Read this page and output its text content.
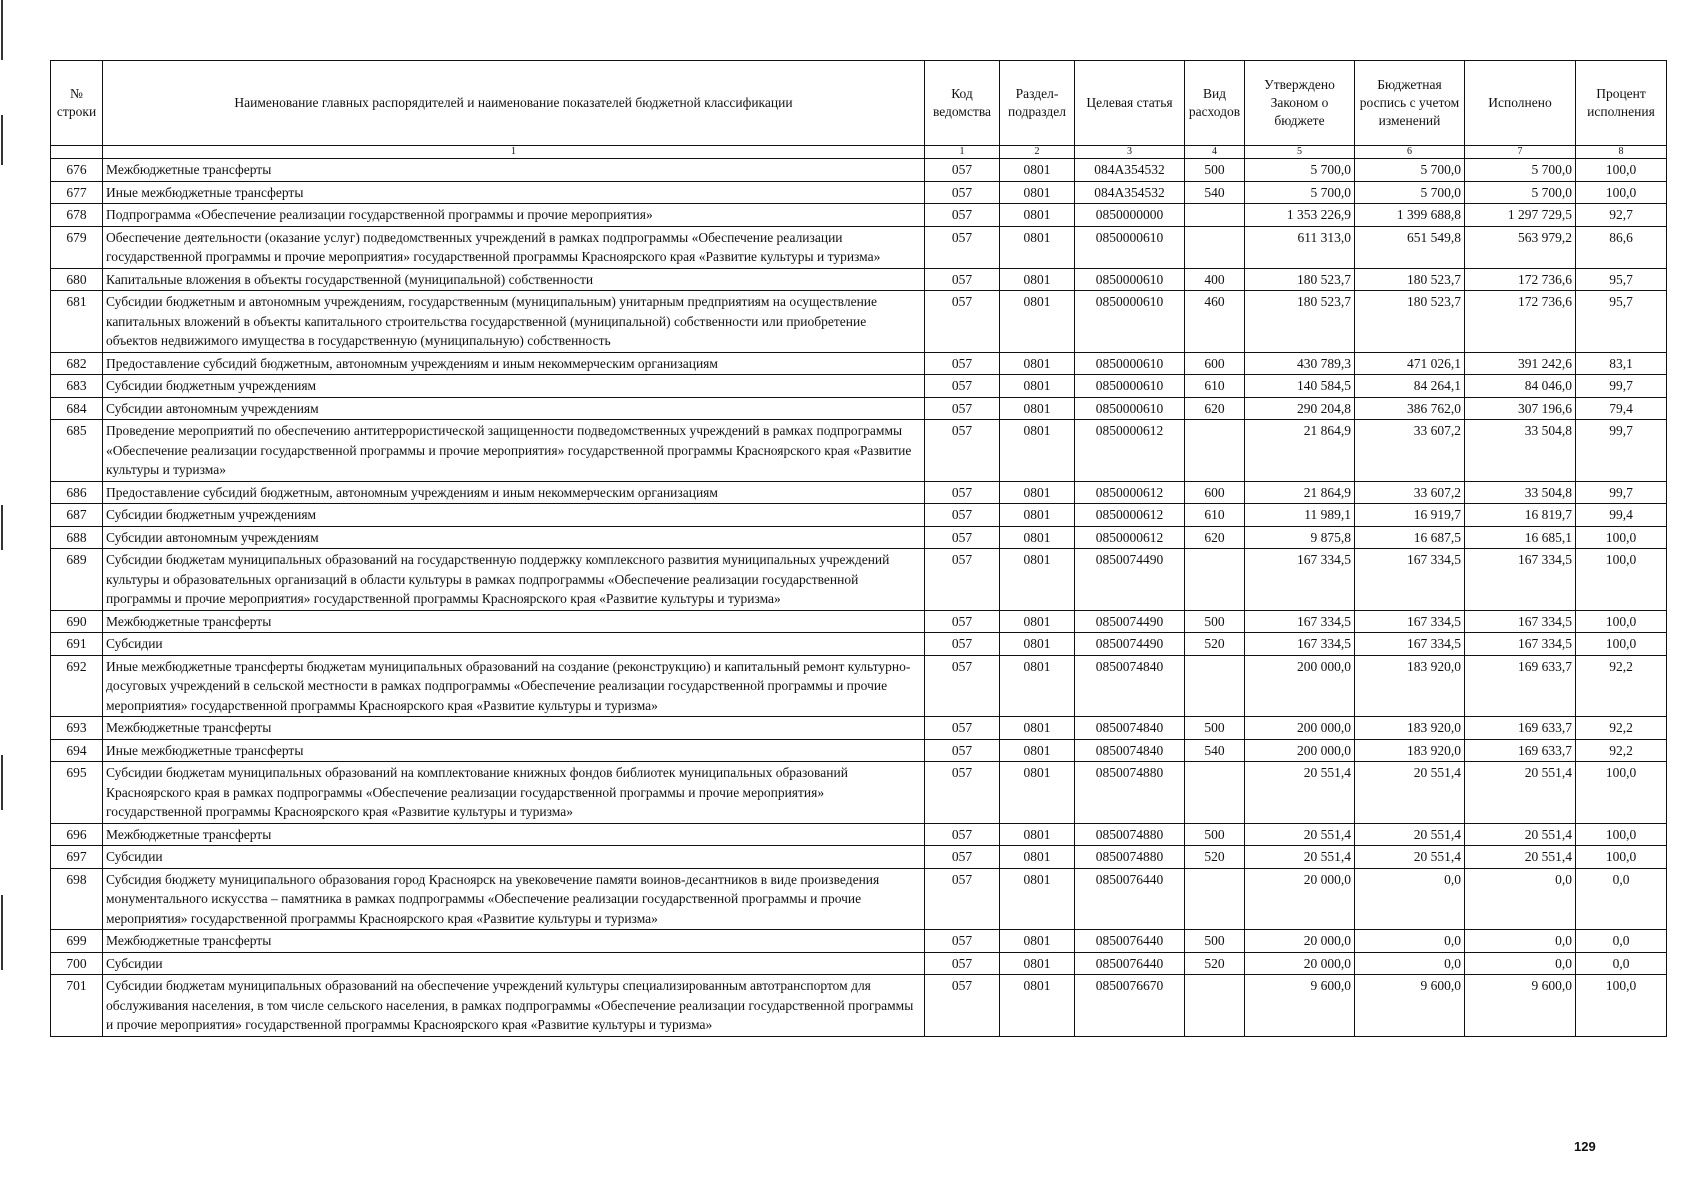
№ строки	Наименование главных распорядителей и наименование показателей бюджетной классификации	Код ведомства	Раздел-подраздел	Целевая статья	Вид расходов	Утверждено Законом о бюджете	Бюджетная роспись с учетом изменений	Исполнено	Процент исполнения
	1	1	2	3	4	5	6	7	8
676	Межбюджетные трансферты	057	0801	084А354532	500	5 700,0	5 700,0	5 700,0	100,0
677	Иные межбюджетные трансферты	057	0801	084А354532	540	5 700,0	5 700,0	5 700,0	100,0
678	Подпрограмма «Обеспечение реализации государственной программы и прочие мероприятия»	057	0801	0850000000		1 353 226,9	1 399 688,8	1 297 729,5	92,7
679	Обеспечение деятельности (оказание услуг) подведомственных учреждений в рамках подпрограммы «Обеспечение реализации государственной программы и прочие мероприятия» государственной программы Красноярского края «Развитие культуры и туризма»	057	0801	0850000610		611 313,0	651 549,8	563 979,2	86,6
680	Капитальные вложения в объекты государственной (муниципальной) собственности	057	0801	0850000610	400	180 523,7	180 523,7	172 736,6	95,7
681	Субсидии бюджетным и автономным учреждениям, государственным (муниципальным) унитарным предприятиям на осуществление капитальных вложений в объекты капитального строительства государственной (муниципальной) собственности или приобретение объектов недвижимого имущества в государственную (муниципальную) собственность	057	0801	0850000610	460	180 523,7	180 523,7	172 736,6	95,7
682	Предоставление субсидий бюджетным, автономным учреждениям и иным некоммерческим организациям	057	0801	0850000610	600	430 789,3	471 026,1	391 242,6	83,1
683	Субсидии бюджетным учреждениям	057	0801	0850000610	610	140 584,5	84 264,1	84 046,0	99,7
684	Субсидии автономным учреждениям	057	0801	0850000610	620	290 204,8	386 762,0	307 196,6	79,4
685	Проведение мероприятий по обеспечению антитеррористической защищенности подведомственных учреждений в рамках подпрограммы «Обеспечение реализации государственной программы и прочие мероприятия» государственной программы Красноярского края «Развитие культуры и туризма»	057	0801	0850000612		21 864,9	33 607,2	33 504,8	99,7
686	Предоставление субсидий бюджетным, автономным учреждениям и иным некоммерческим организациям	057	0801	0850000612	600	21 864,9	33 607,2	33 504,8	99,7
687	Субсидии бюджетным учреждениям	057	0801	0850000612	610	11 989,1	16 919,7	16 819,7	99,4
688	Субсидии автономным учреждениям	057	0801	0850000612	620	9 875,8	16 687,5	16 685,1	100,0
689	Субсидии бюджетам муниципальных образований на государственную поддержку комплексного развития муниципальных учреждений культуры и образовательных организаций в области культуры в рамках подпрограммы «Обеспечение реализации государственной программы и прочие мероприятия» государственной программы Красноярского края «Развитие культуры и туризма»	057	0801	0850074490		167 334,5	167 334,5	167 334,5	100,0
690	Межбюджетные трансферты	057	0801	0850074490	500	167 334,5	167 334,5	167 334,5	100,0
691	Субсидии	057	0801	0850074490	520	167 334,5	167 334,5	167 334,5	100,0
692	Иные межбюджетные трансферты бюджетам муниципальных образований на создание (реконструкцию) и капитальный ремонт культурно-досуговых учреждений в сельской местности в рамках подпрограммы «Обеспечение реализации государственной программы и прочие мероприятия» государственной программы Красноярского края «Развитие культуры и туризма»	057	0801	0850074840		200 000,0	183 920,0	169 633,7	92,2
693	Межбюджетные трансферты	057	0801	0850074840	500	200 000,0	183 920,0	169 633,7	92,2
694	Иные межбюджетные трансферты	057	0801	0850074840	540	200 000,0	183 920,0	169 633,7	92,2
695	Субсидии бюджетам муниципальных образований на комплектование книжных фондов библиотек муниципальных образований Красноярского края в рамках подпрограммы «Обеспечение реализации государственной программы и прочие мероприятия» государственной программы Красноярского края «Развитие культуры и туризма»	057	0801	0850074880		20 551,4	20 551,4	20 551,4	100,0
696	Межбюджетные трансферты	057	0801	0850074880	500	20 551,4	20 551,4	20 551,4	100,0
697	Субсидии	057	0801	0850074880	520	20 551,4	20 551,4	20 551,4	100,0
698	Субсидия бюджету муниципального образования город Красноярск на увековечение памяти воинов-десантников в виде произведения монументального искусства – памятника в рамках подпрограммы «Обеспечение реализации государственной программы и прочие мероприятия» государственной программы Красноярского края «Развитие культуры и туризма»	057	0801	0850076440		20 000,0	0,0	0,0	0,0
699	Межбюджетные трансферты	057	0801	0850076440	500	20 000,0	0,0	0,0	0,0
700	Субсидии	057	0801	0850076440	520	20 000,0	0,0	0,0	0,0
701	Субсидии бюджетам муниципальных образований на обеспечение учреждений культуры специализированным автотранспортом для обслуживания населения, в том числе сельского населения, в рамках подпрограммы «Обеспечение реализации государственной программы и прочие мероприятия» государственной программы Красноярского края «Развитие культуры и туризма»	057	0801	0850076670		9 600,0	9 600,0	9 600,0	100,0
129
